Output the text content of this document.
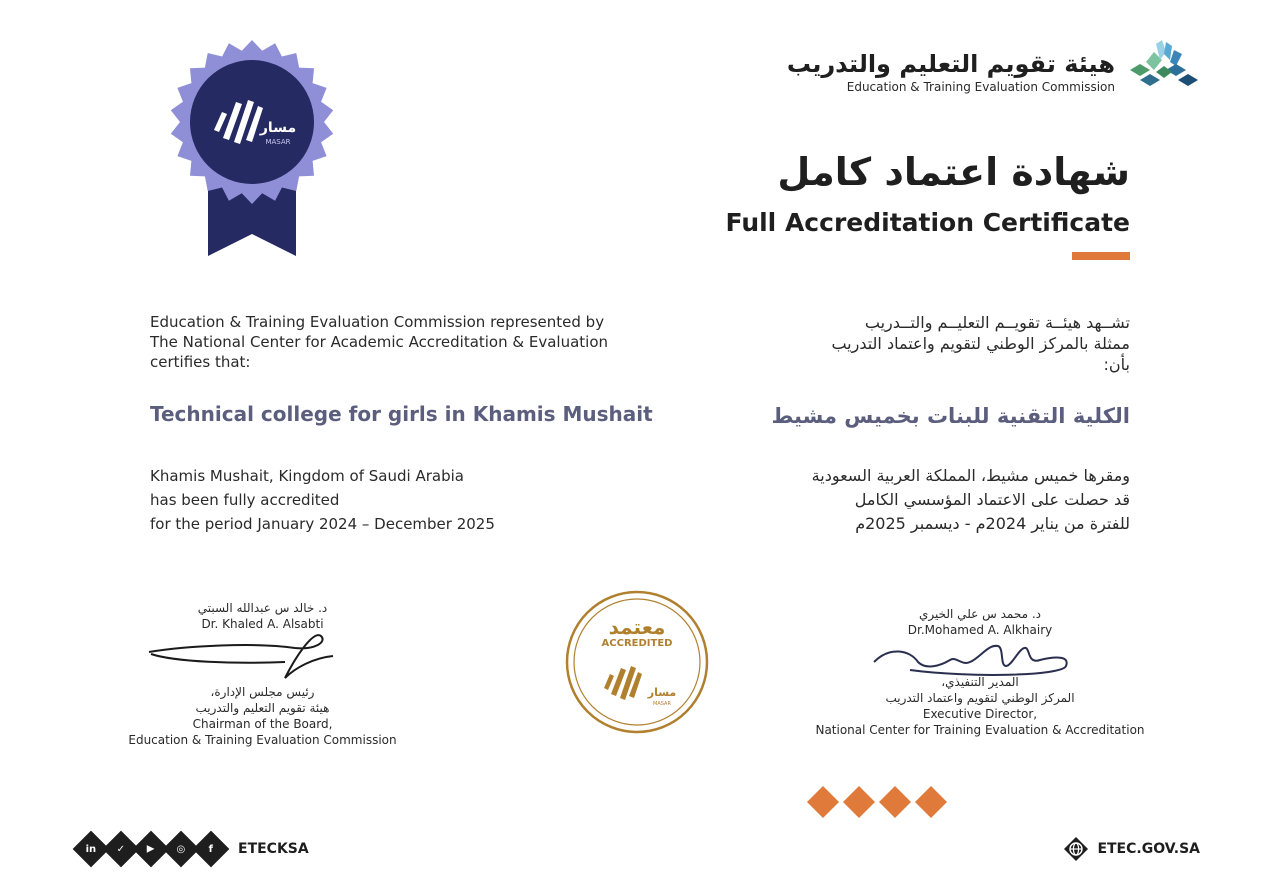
هيئة تقويم التعليم والتدريب
Education & Training Evaluation Commission
شهادة اعتماد كامل
Full Accreditation Certificate
مسار
MASAR
Education & Training Evaluation Commission represented by
The National Center for Academic Accreditation & Evaluation
certifies that:
Technical college for girls in Khamis Mushait
Khamis Mushait, Kingdom of Saudi Arabia
has been fully accredited
for the period January 2024 – December 2025
تشــهد هيئــة تقويــم التعليــم والتــدريب
ممثلة بالمركز الوطني لتقويم واعتماد التدريب
بأن:
الكلية التقنية للبنات بخميس مشيط
ومقرها خميس مشيط، المملكة العربية السعودية
قد حصلت على الاعتماد المؤسسي الكامل
للفترة من يناير 2024م - ديسمبر 2025م
د. خالد س عبدالله السبتي
Dr. Khaled A. Alsabti
رئيس مجلس الإدارة،
هيئة تقويم التعليم والتدريب
Chairman of the Board,
Education & Training Evaluation Commission
معتمد
ACCREDITED
مسار
MASAR
د. محمد س علي الخيري
Dr.Mohamed A. Alkhairy
المدير التنفيذي،
المركز الوطني لتقويم واعتماد التدريب
Executive Director,
National Center for Training Evaluation & Accreditation
in ✓ ▶ ◎ f ETECKSA	ETEC.GOV.SA
